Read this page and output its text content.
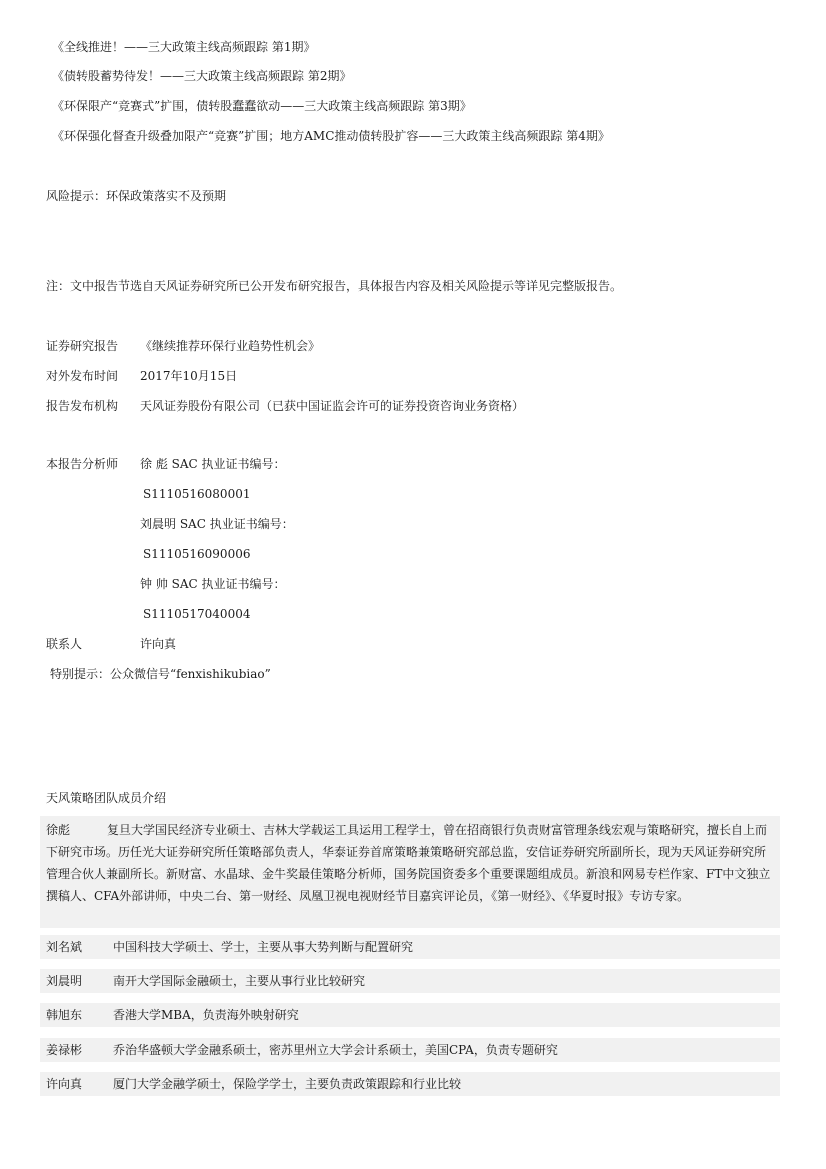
《全线推进！——三大政策主线高频跟踪 第1期》
《债转股蓄势待发！——三大政策主线高频跟踪 第2期》
《环保限产“竞赛式”扩围，债转股蠢蠢欲动——三大政策主线高频跟踪 第3期》
《环保强化督查升级叠加限产“竞赛”扩围；地方AMC推动债转股扩容——三大政策主线高频跟踪 第4期》
风险提示：环保政策落实不及预期
注：文中报告节选自天风证券研究所已公开发布研究报告，具体报告内容及相关风险提示等详见完整版报告。
证券研究报告 《继续推荐环保行业趋势性机会》
对外发布时间 2017年10月15日
报告发布机构 天风证券股份有限公司（已获中国证监会许可的证券投资咨询业务资格）
本报告分析师 徐 彪 SAC 执业证书编号：
S1110516080001
刘晨明 SAC 执业证书编号：
S1110516090006
钟 帅 SAC 执业证书编号：
S1110517040004
联系人	许向真
特别提示：公众微信号“fenxishikubiao”
天风策略团队成员介绍
徐彪	复旦大学国民经济专业硕士、吉林大学载运工具运用工程学士，曾在招商银行负责财富管理条线宏观与策略研究，擅长自上而下研究市场。历任光大证券研究所任策略部负责人，华泰证券首席策略兼策略研究部总监，安信证券研究所副所长，现为天风证券研究所管理合伙人兼副所长。新财富、水晶球、金牛奖最佳策略分析师，国务院国资委多个重要课题组成员。新浪和网易专栏作家、FT中文独立撰稿人、CFA外部讲师，中央二台、第一财经、凤凰卫视电视财经节目嘉宾评论员，《第一财经》、《华夏时报》专访专家。
刘名斌	中国科技大学硕士、学士，主要从事大势判断与配置研究
刘晨明	南开大学国际金融硕士，主要从事行业比较研究
韩旭东	香港大学MBA，负责海外映射研究
姜禄彬	乔治华盛顿大学金融系硕士，密苏里州立大学会计系硕士，美国CPA，负责专题研究
许向真	厦门大学金融学硕士，保险学学士，主要负责政策跟踪和行业比较
